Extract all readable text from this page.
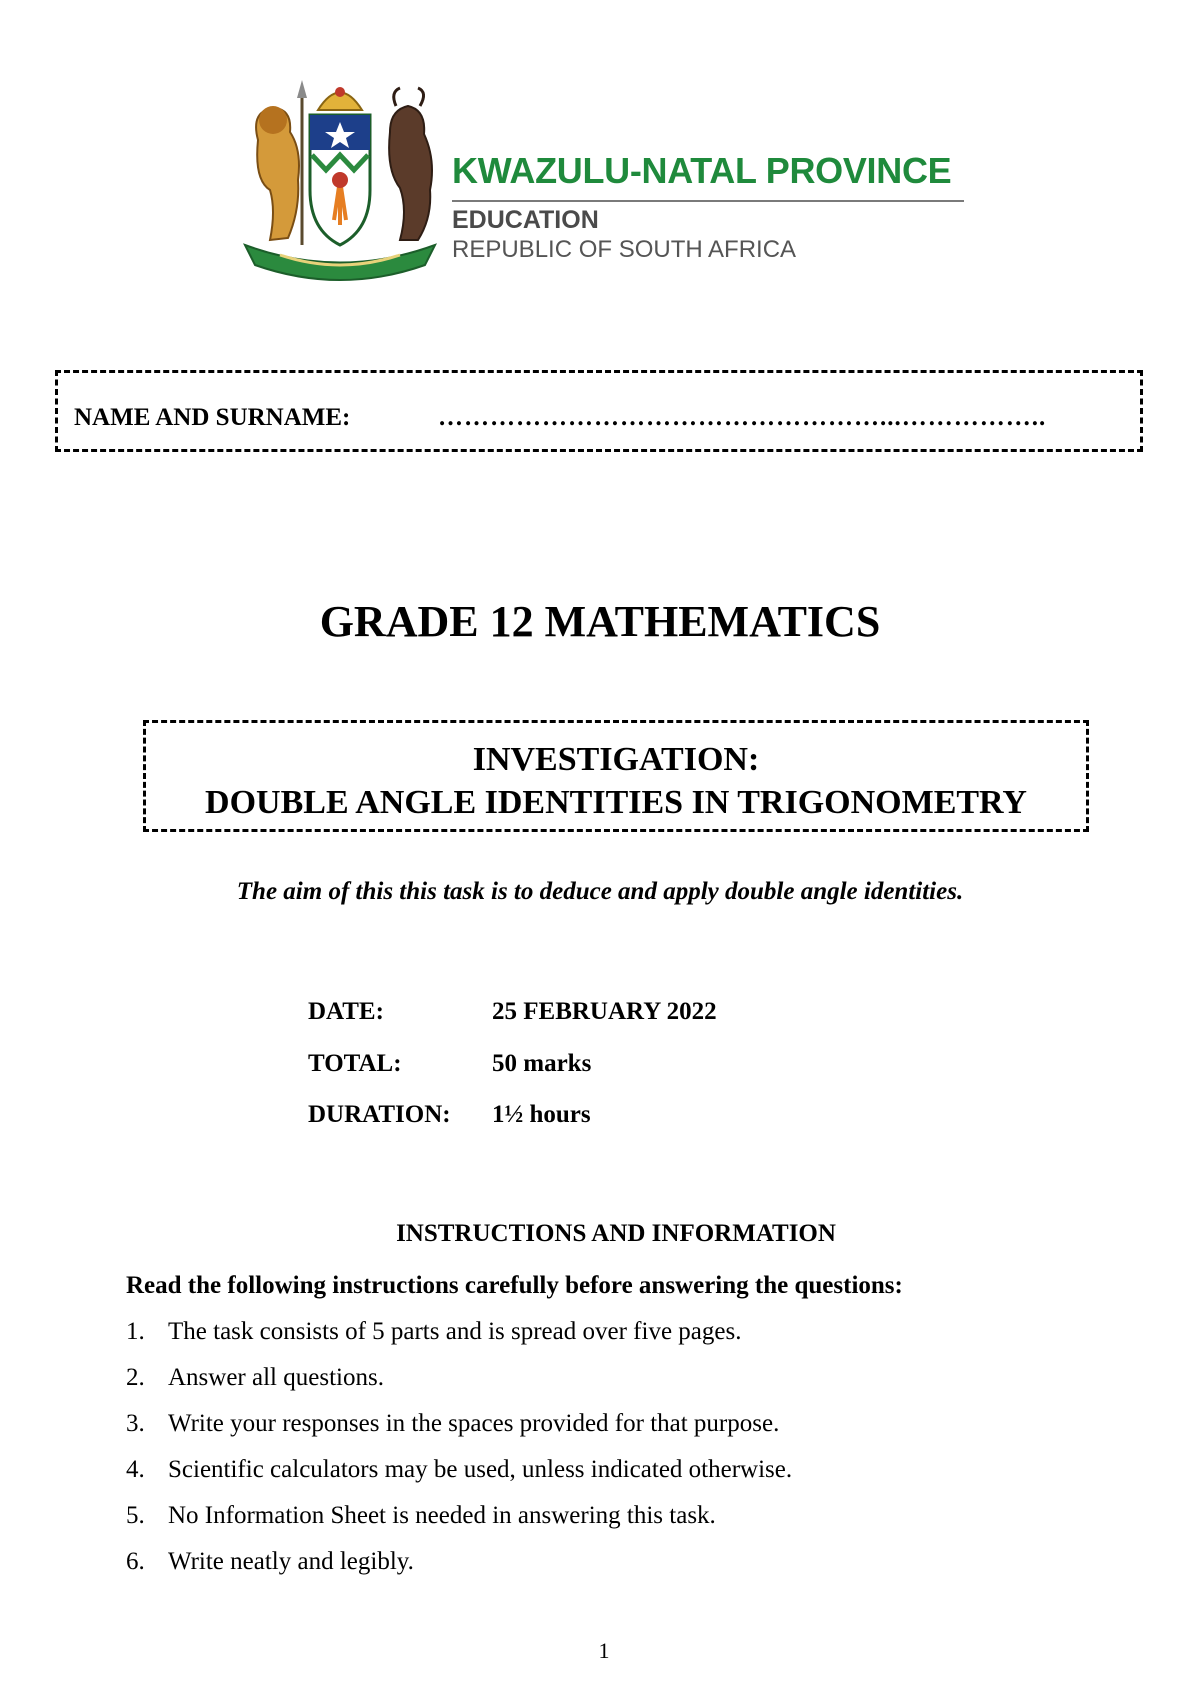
KWAZULU-NATAL PROVINCE
EDUCATION
REPUBLIC OF SOUTH AFRICA
NAME AND SURNAME:	……………………………………………...……………..
GRADE 12 MATHEMATICS
INVESTIGATION:
DOUBLE ANGLE IDENTITIES IN TRIGONOMETRY
The aim of this this task is to deduce and apply double angle identities.
DATE:	25 FEBRUARY 2022
TOTAL:	50 marks
DURATION: 1½ hours
INSTRUCTIONS AND INFORMATION
Read the following instructions carefully before answering the questions:
1. The task consists of 5 parts and is spread over five pages.
2. Answer all questions.
3. Write your responses in the spaces provided for that purpose.
4. Scientific calculators may be used, unless indicated otherwise.
5. No Information Sheet is needed in answering this task.
6. Write neatly and legibly.
1
